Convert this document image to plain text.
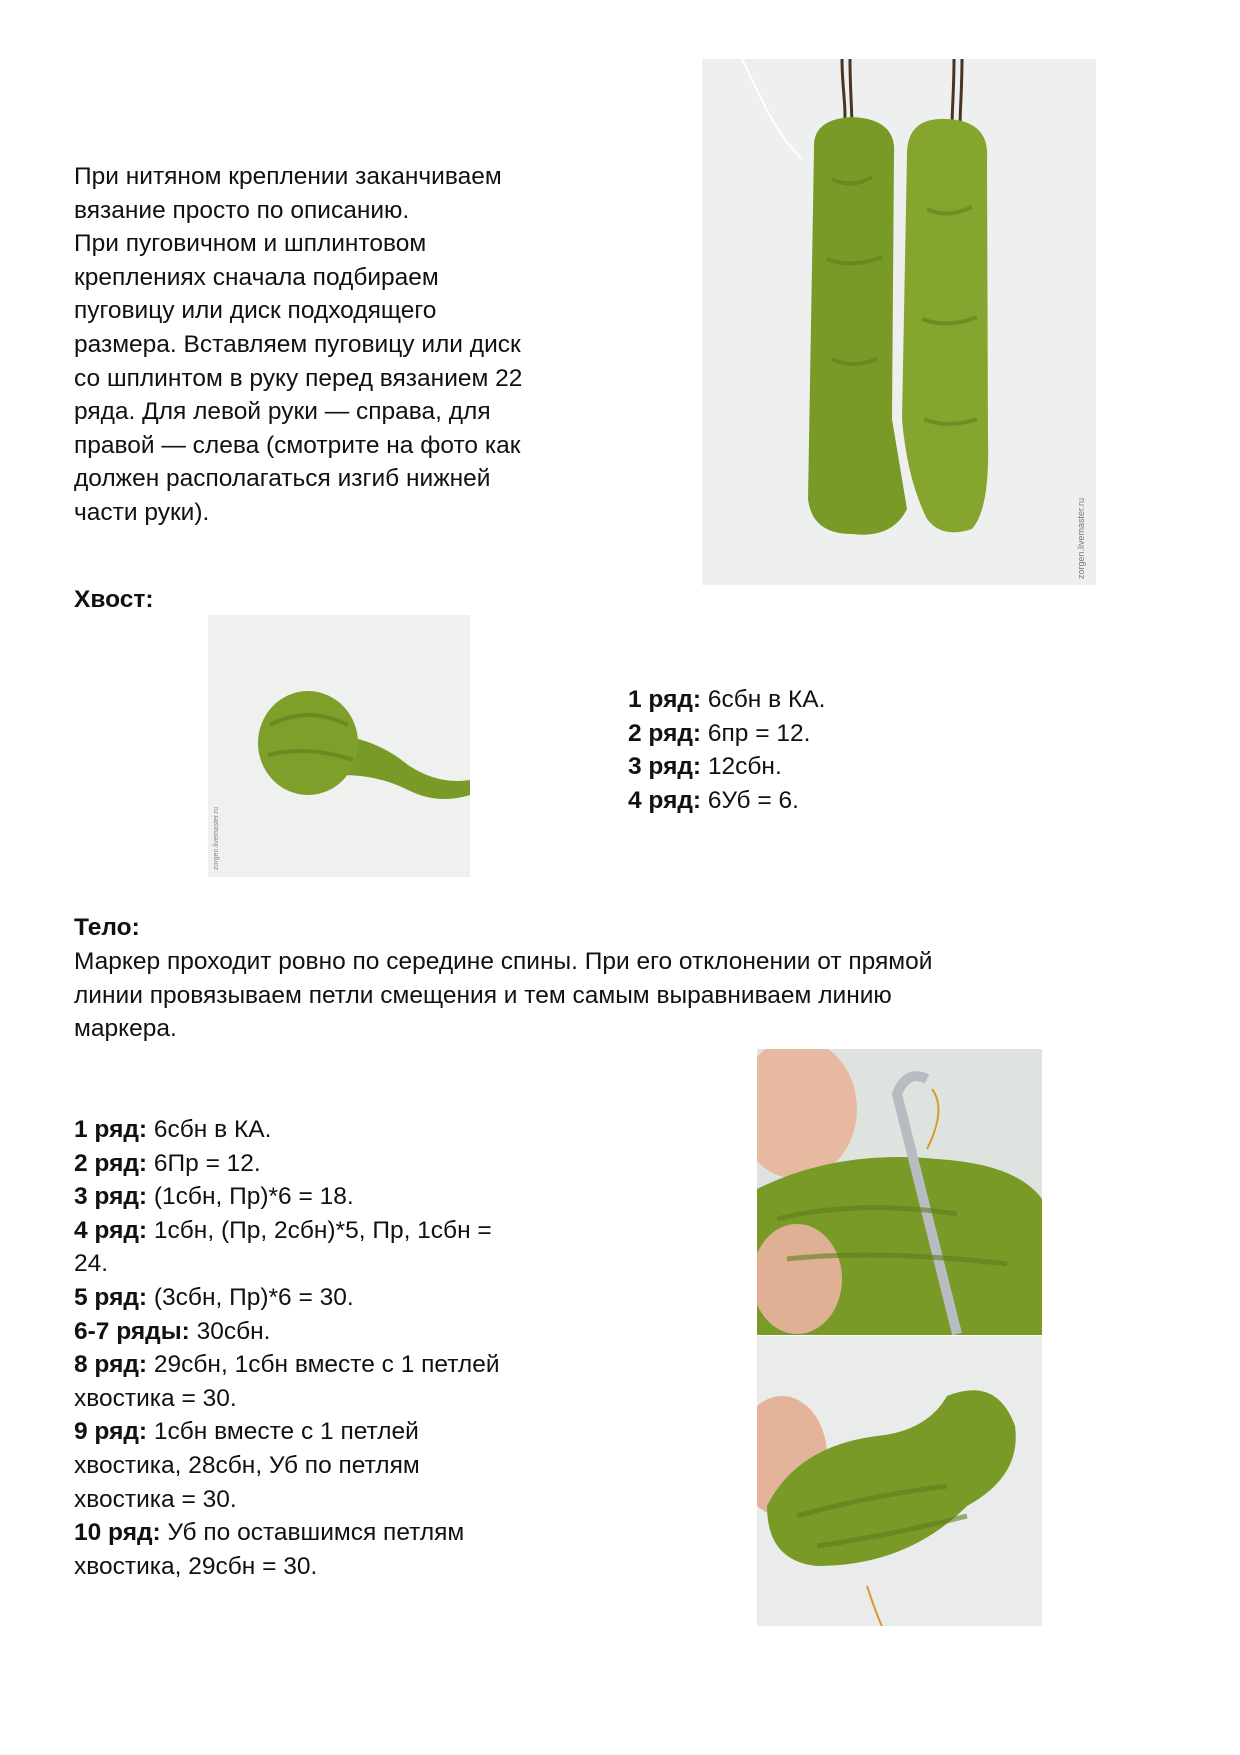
При нитяном креплении заканчиваем

вязание просто по описанию.

При пуговичном и шплинтовом

креплениях сначала подбираем

пуговицу или диск подходящего

размера. Вставляем пуговицу или диск

со шплинтом в руку перед вязанием 22

ряда. Для левой руки — справа, для

правой — слева (смотрите на фото как

должен располагаться изгиб нижней

части руки).	zorgen.livemaster.ru
Хвост:
zorgen.livemaster.ru

1 ряд: 6сбн в КА.

2 ряд: 6пр = 12.

3 ряд: 12сбн.

4 ряд: 6Уб = 6.

Тело:

Маркер проходит ровно по середине спины. При его отклонении от прямой

линии провязываем петли смещения и тем самым выравниваем линию

маркера.

1 ряд: 6сбн в КА.

2 ряд: 6Пр = 12.

3 ряд: (1сбн, Пр)*6 = 18.

4 ряд: 1сбн, (Пр, 2сбн)*5, Пр, 1сбн =

24.

5 ряд: (3сбн, Пр)*6 = 30.

6-7 ряды: 30сбн.

8 ряд: 29сбн, 1сбн вместе с 1 петлей

хвостика = 30.

9 ряд: 1сбн вместе с 1 петлей

хвостика, 28сбн, Уб по петлям

хвостика = 30.

10 ряд: Уб по оставшимся петлям

хвостика, 29сбн = 30.
